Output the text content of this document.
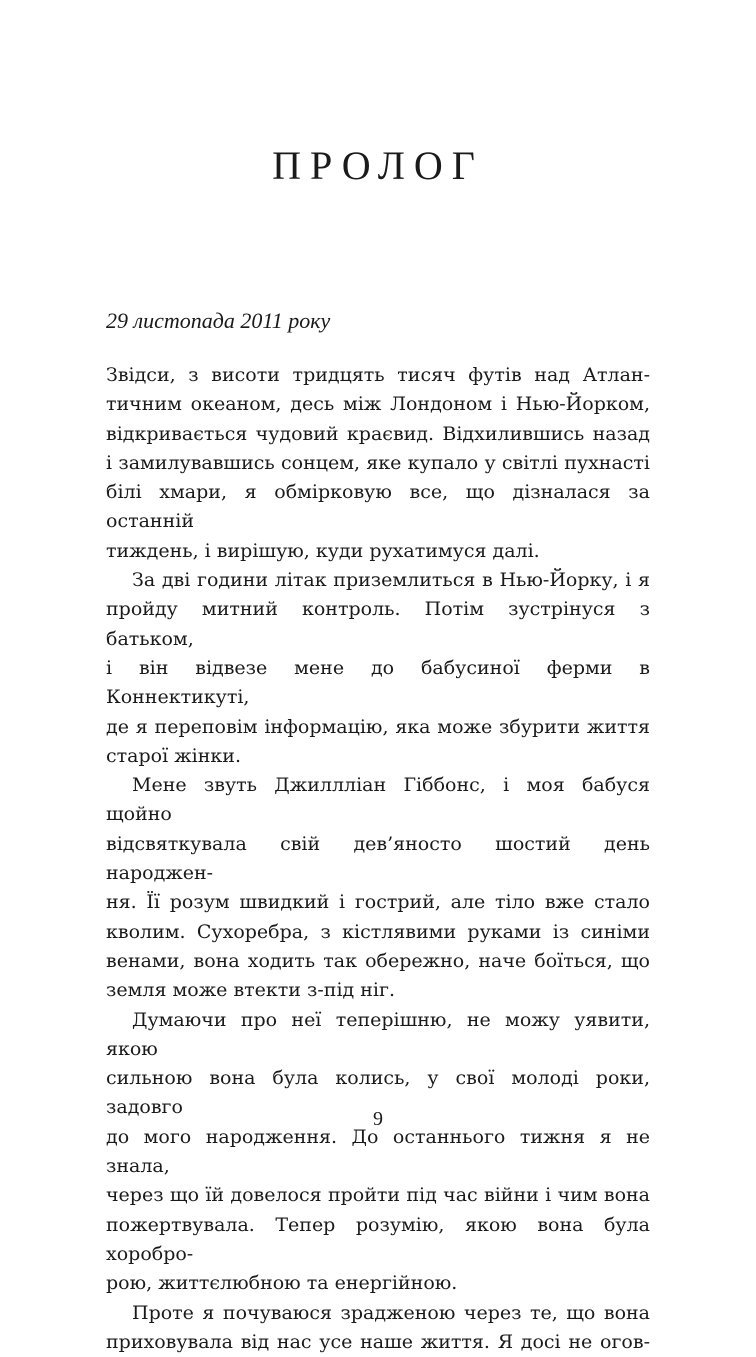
ПРОЛОГ

29 листопада 2011 року

Звідси, з висоти тридцять тисяч футів над Атлан-

тичним океаном, десь між Лондоном і Нью-Йорком,

відкривається чудовий краєвид. Відхилившись назад

і замилувавшись сонцем, яке купало у світлі пухнасті

білі хмари, я обмірковую все, що дізналася за останній

тиждень, і вирішую, куди рухатимуся далі.

За дві години літак приземлиться в Нью-Йорку, і я

пройду митний контроль. Потім зустрінуся з батьком,

і він відвезе мене до бабусиної ферми в Коннектикуті,

де я переповім інформацію, яка може збурити життя

старої жінки.

Мене звуть Джиллліан Гіббонс, і моя бабуся щойно

відсвяткувала свій дев’яносто шостий день народжен-

ня. Її розум швидкий і гострий, але тіло вже стало

кволим. Сухоребра, з кістлявими руками із синіми

венами, вона ходить так обережно, наче боїться, що

земля може втекти з-під ніг.

Думаючи про неї теперішню, не можу уявити, якою

сильною вона була колись, у свої молоді роки, задовго

до мого народження. До останнього тижня я не знала,

через що їй довелося пройти під час війни і чим вона

пожертвувала. Тепер розумію, якою вона була хоробро-

рою, життєлюбною та енергійною.

Проте я почуваюся зрадженою через те, що вона

приховувала від нас усе наше життя. Я досі не огов-

9
